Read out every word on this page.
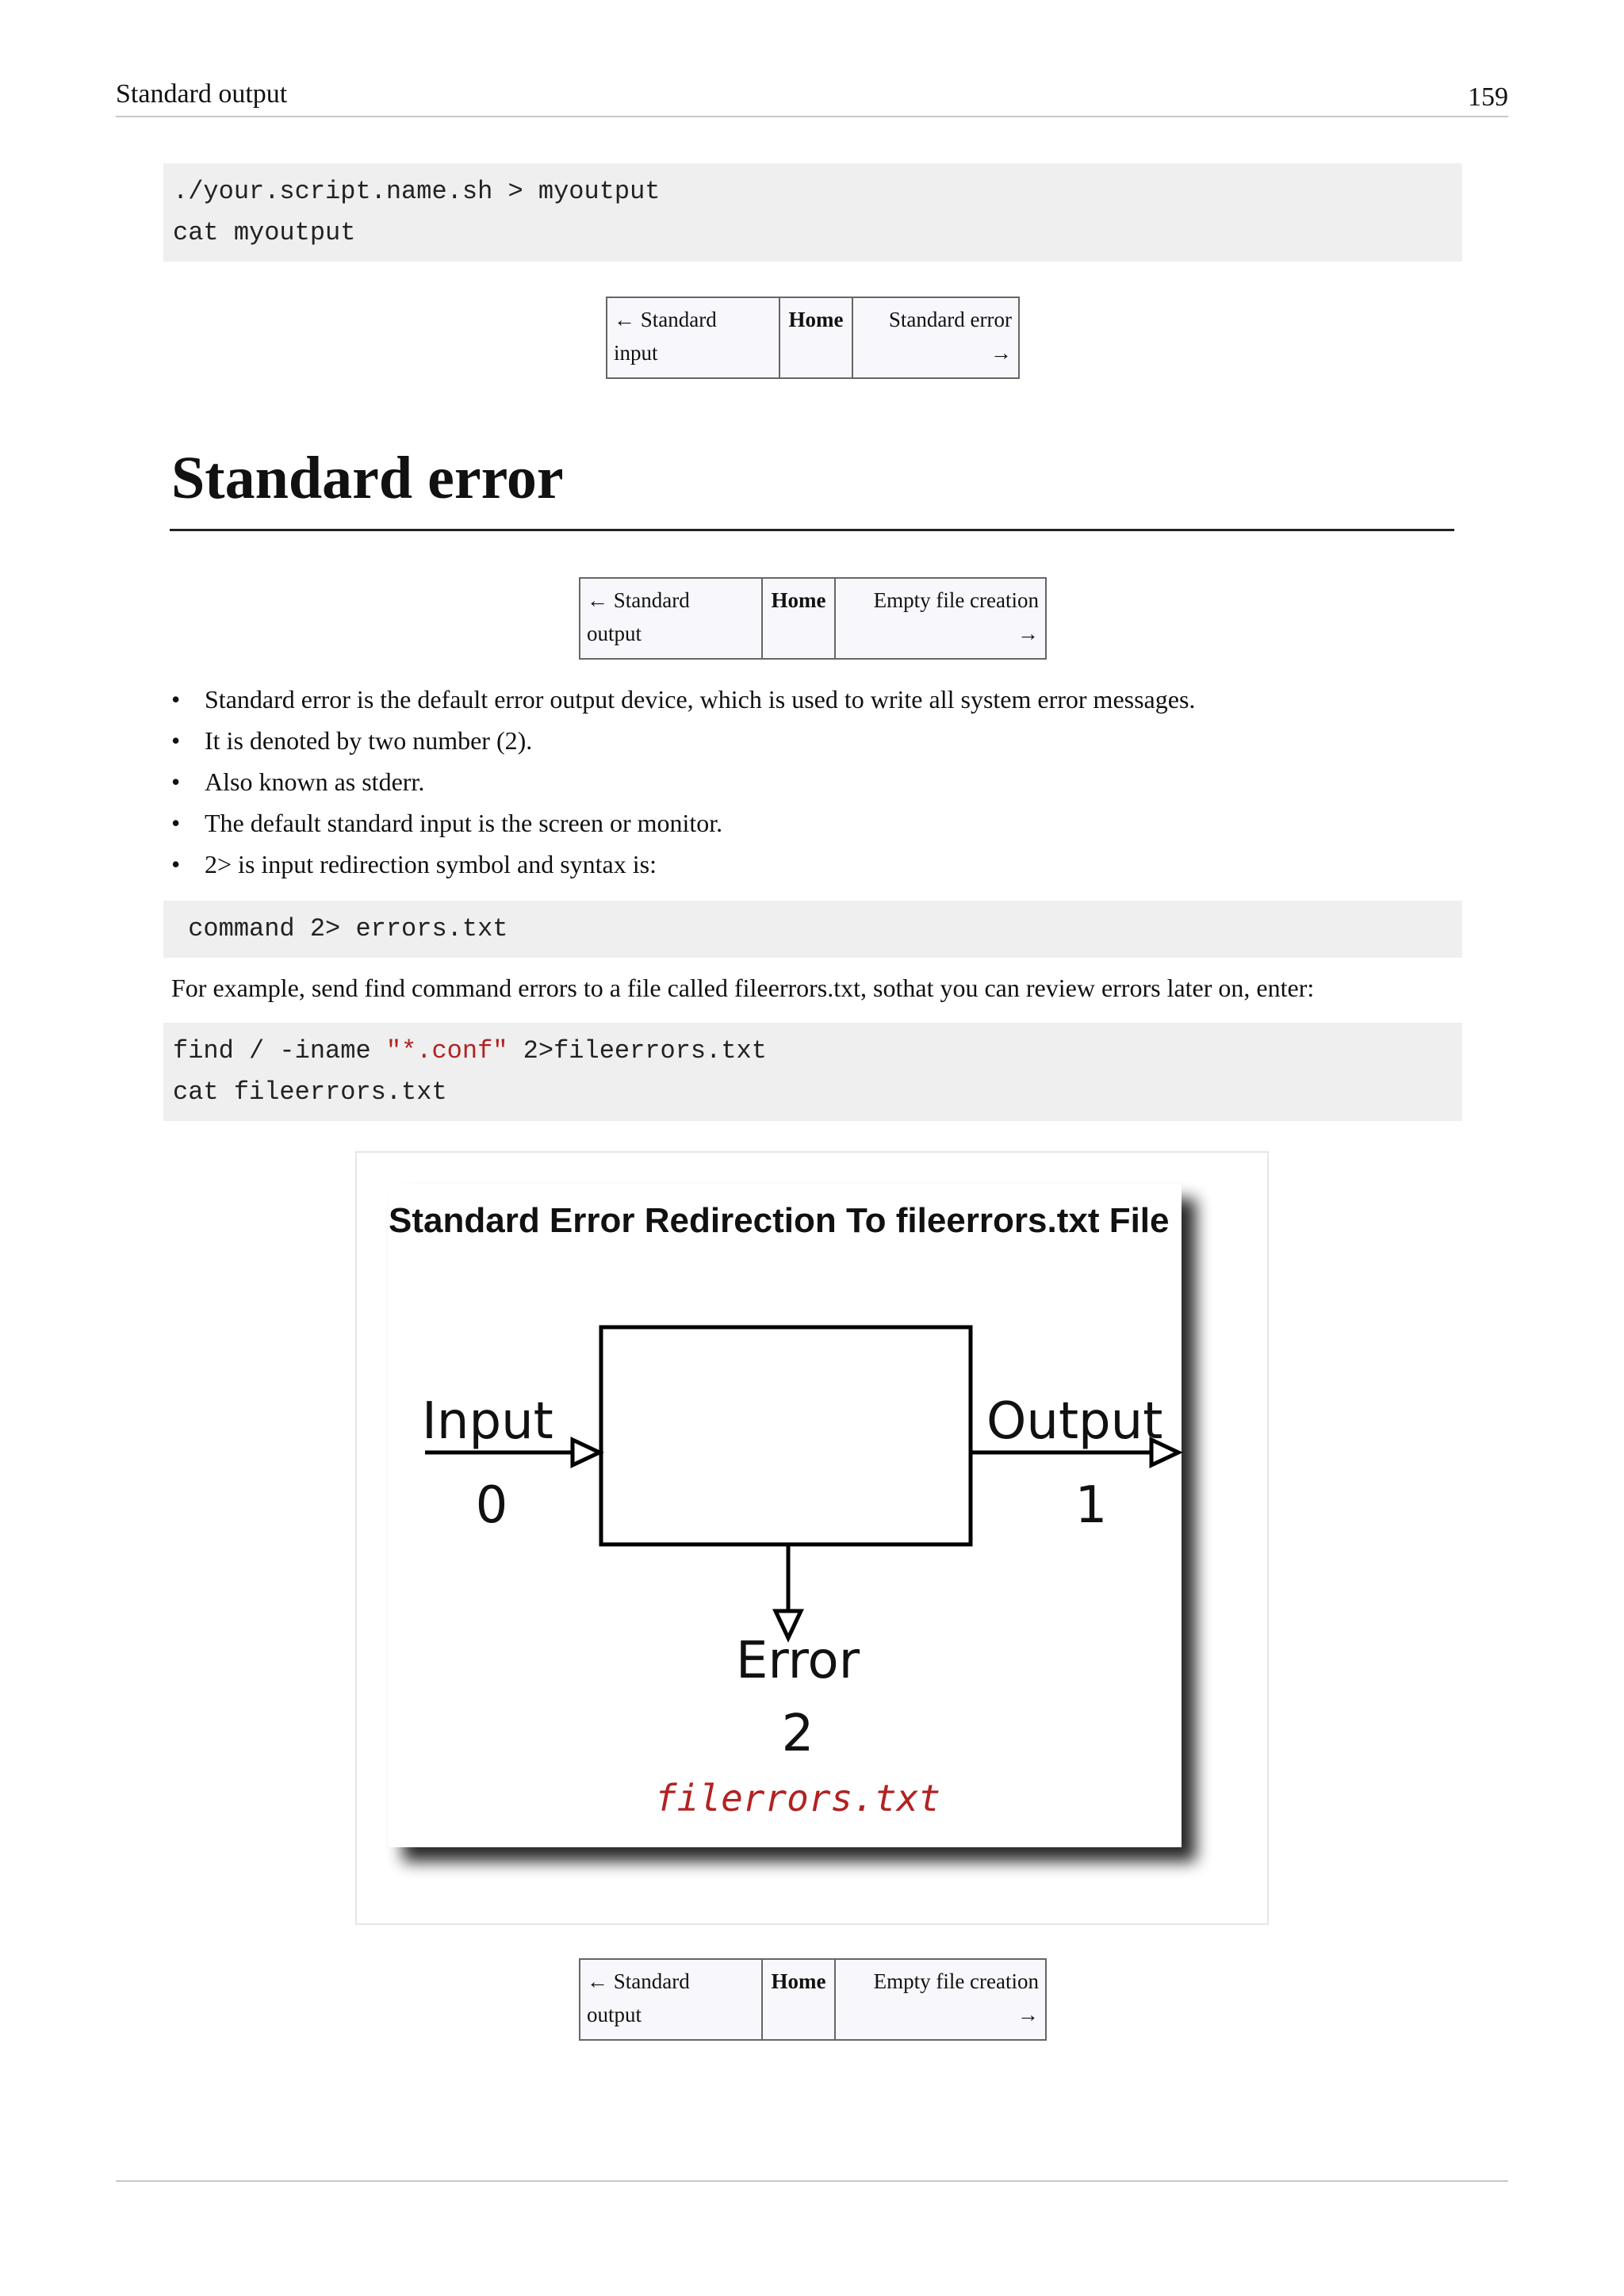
Standard output	159
./your.script.name.sh > myoutput
cat myoutput
← Standard
input	Home	Standard error
→
Standard error
← Standard
output	Home	Empty file creation
→
• Standard error is the default error output device, which is used to write all system error messages.
• It is denoted by two number (2).
• Also known as stderr.
• The default standard input is the screen or monitor.
• 2> is input redirection symbol and syntax is:
command 2> errors.txt

For example, send find command errors to a file called fileerrors.txt, sothat you can review errors later on, enter:

find / -iname "*.conf" 2>fileerrors.txt
cat fileerrors.txt
Standard Error Redirection To fileerrors.txt File
Input
0
Output
1
Error
2
filerrors.txt
← Standard
output	Home	Empty file creation
→
